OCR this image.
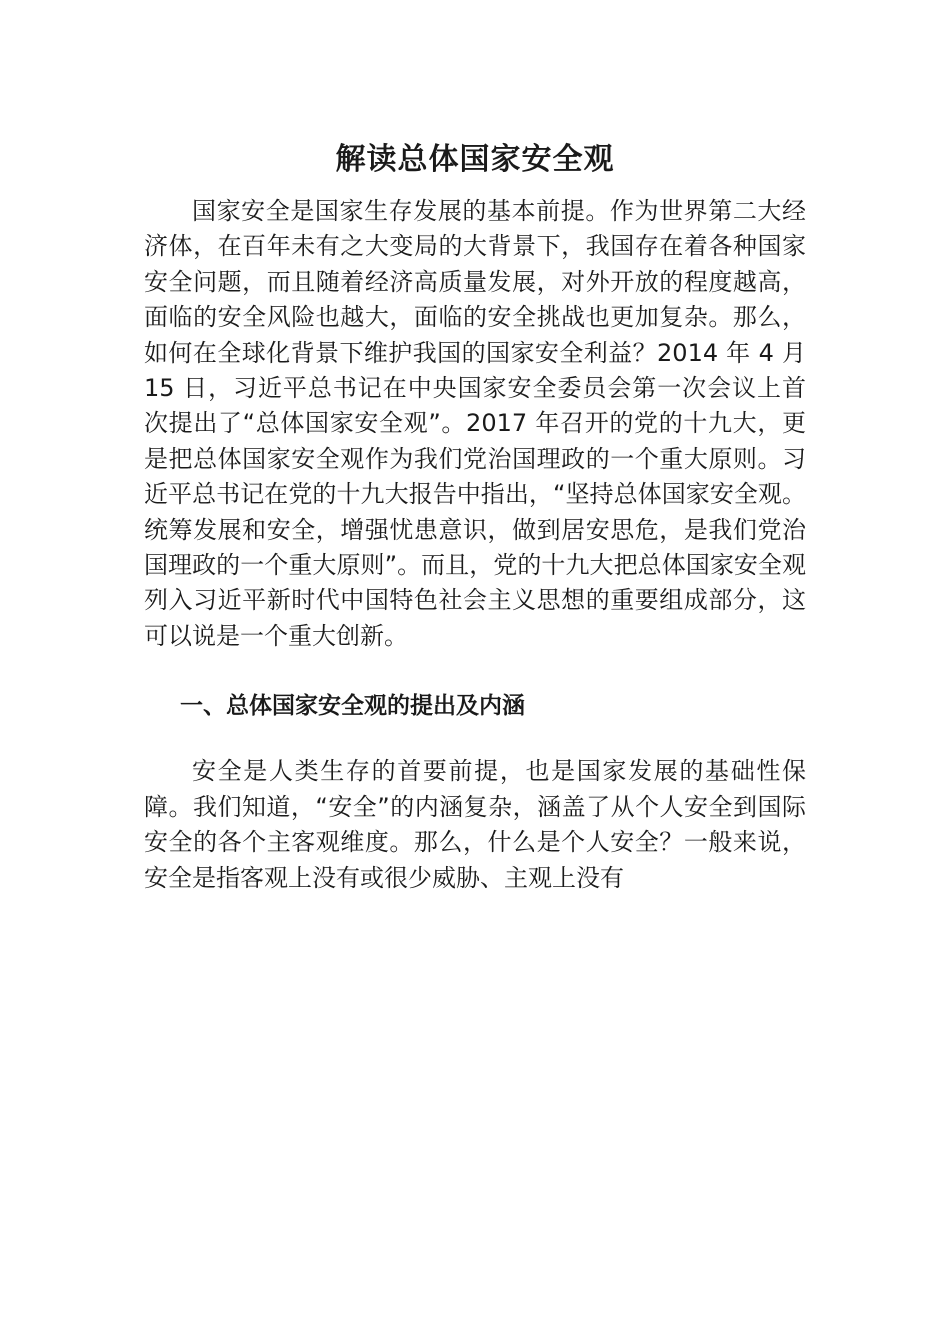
解读总体国家安全观

国家安全是国家生存发展的基本前提。作为世界第二大经济体，在百年未有之大变局的大背景下，我国存在着各种国家安全问题，而且随着经济高质量发展，对外开放的程度越高，面临的安全风险也越大，面临的安全挑战也更加复杂。那么，如何在全球化背景下维护我国的国家安全利益？2014 年 4 月 15 日，习近平总书记在中央国家安全委员会第一次会议上首次提出了“总体国家安全观”。2017 年召开的党的十九大，更是把总体国家安全观作为我们党治国理政的一个重大原则。习近平总书记在党的十九大报告中指出，“坚持总体国家安全观。统筹发展和安全，增强忧患意识，做到居安思危，是我们党治国理政的一个重大原则”。而且，党的十九大把总体国家安全观列入习近平新时代中国特色社会主义思想的重要组成部分，这可以说是一个重大创新。

一、总体国家安全观的提出及内涵

安全是人类生存的首要前提，也是国家发展的基础性保障。我们知道，“安全”的内涵复杂，涵盖了从个人安全到国际安全的各个主客观维度。那么，什么是个人安全？一般来说，安全是指客观上没有或很少威胁、主观上没有
